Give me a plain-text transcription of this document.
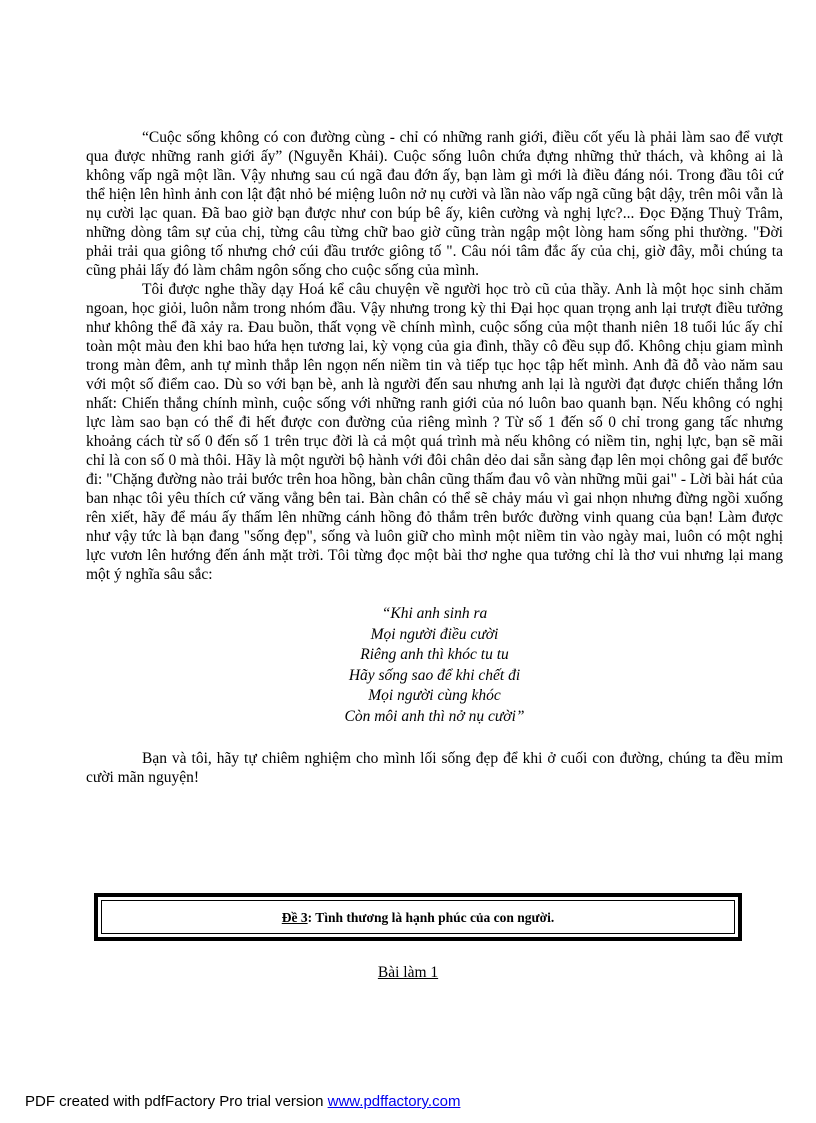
“Cuộc sống không có con đường cùng - chỉ có những ranh giới, điều cốt yếu là phải làm sao để vượt qua được những ranh giới ấy” (Nguyễn Khải). Cuộc sống luôn chứa đựng những thử thách, và không ai là không vấp ngã một lần. Vậy nhưng sau cú ngã đau đớn ấy, bạn làm gì mới là điều đáng nói. Trong đầu tôi cứ thể hiện lên hình ảnh con lật đật nhỏ bé miệng luôn nở nụ cười và lần nào vấp ngã cũng bật dậy, trên môi vẫn là nụ cười lạc quan. Đã bao giờ bạn được như con búp bê ấy, kiên cường và nghị lực?... Đọc Đặng Thuỳ Trâm, những dòng tâm sự của chị, từng câu từng chữ bao giờ cũng tràn ngập một lòng ham sống phi thường. "Đời phải trải qua giông tố nhưng chớ cúi đầu trước giông tố ". Câu nói tâm đắc ấy của chị, giờ đây, mỗi chúng ta cũng phải lấy đó làm châm ngôn sống cho cuộc sống của mình.

Tôi được nghe thầy dạy Hoá kể câu chuyện về người học trò cũ của thầy. Anh là một học sinh chăm ngoan, học giỏi, luôn nằm trong nhóm đầu. Vậy nhưng trong kỳ thi Đại học quan trọng anh lại trượt điều tưởng như không thể đã xảy ra. Đau buồn, thất vọng về chính mình, cuộc sống của một thanh niên 18 tuổi lúc ấy chỉ toàn một màu đen khi bao hứa hẹn tương lai, kỳ vọng của gia đình, thầy cô đều sụp đổ. Không chịu giam mình trong màn đêm, anh tự mình thắp lên ngọn nến niềm tin và tiếp tục học tập hết mình. Anh đã đỗ vào năm sau với một số điểm cao. Dù so với bạn bè, anh là người đến sau nhưng anh lại là người đạt được chiến thắng lớn nhất: Chiến thắng chính mình, cuộc sống với những ranh giới của nó luôn bao quanh bạn. Nếu không có nghị lực làm sao bạn có thể đi hết được con đường của riêng mình ? Từ số 1 đến số 0 chỉ trong gang tấc nhưng khoảng cách từ số 0 đến số 1 trên trục đời là cả một quá trình mà nếu không có niềm tin, nghị lực, bạn sẽ mãi chỉ là con số 0 mà thôi. Hãy là một người bộ hành với đôi chân dẻo dai sẵn sàng đạp lên mọi chông gai để bước đi: "Chặng đường nào trải bước trên hoa hồng, bàn chân cũng thấm đau vô vàn những mũi gai" - Lời bài hát của ban nhạc tôi yêu thích cứ văng vẳng bên tai. Bàn chân có thể sẽ chảy máu vì gai nhọn nhưng đừng ngồi xuống rên xiết, hãy để máu ấy thấm lên những cánh hồng đỏ thắm trên bước đường vinh quang của bạn! Làm được như vậy tức là bạn đang "sống đẹp", sống và luôn giữ cho mình một niềm tin vào ngày mai, luôn có một nghị lực vươn lên hướng đến ánh mặt trời. Tôi từng đọc một bài thơ nghe qua tưởng chỉ là thơ vui nhưng lại mang một ý nghĩa sâu sắc:

“Khi anh sinh ra
Mọi người điều cười
Riêng anh thì khóc tu tu
Hãy sống sao để khi chết đi
Mọi người cùng khóc
Còn môi anh thì nở nụ cười”

Bạn và tôi, hãy tự chiêm nghiệm cho mình lối sống đẹp để khi ở cuối con đường, chúng ta đều mỉm cười mãn nguyện!

Đề 3: Tình thương là hạnh phúc của con người.
Bài làm 1
PDF created with pdfFactory Pro trial version www.pdffactory.com
